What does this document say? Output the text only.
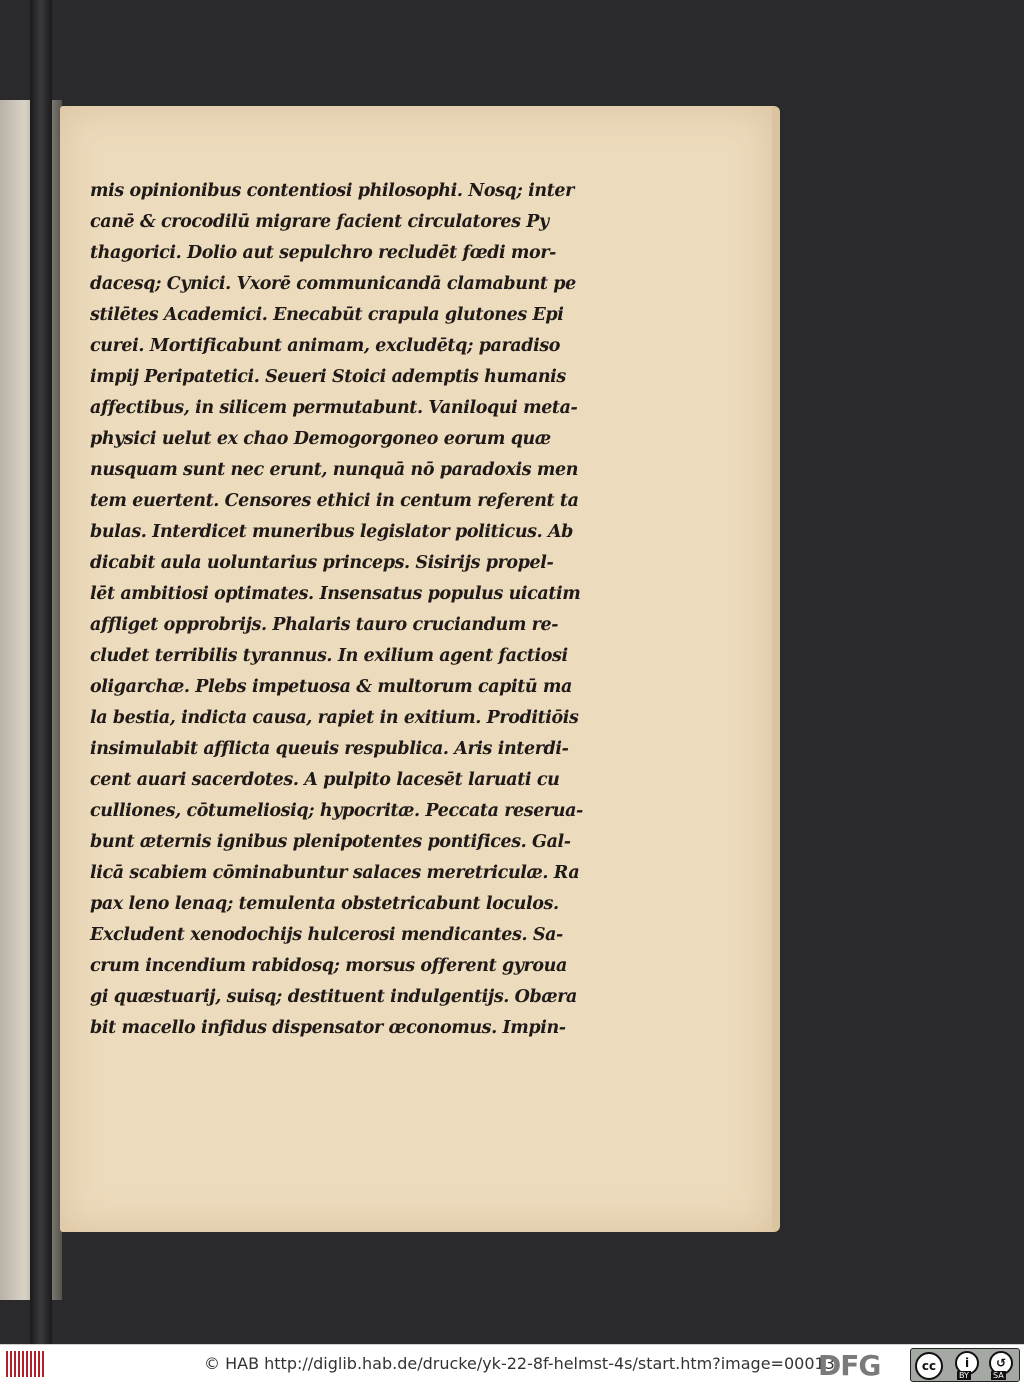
mis opinionibus contentiosi philosophi. Nosq; inter
canē & crocodilū migrare facient circulatores Py
thagorici. Dolio aut sepulchro recludēt fœdi mor-
dacesq; Cynici. Vxorē communicandā clamabunt pe
stilētes Academici. Enecabūt crapula glutones Epi
curei. Mortificabunt animam, excludētq; paradiso
impij Peripatetici. Seueri Stoici ademptis humanis
affectibus, in silicem permutabunt. Vaniloqui meta-
physici uelut ex chao Demogorgoneo eorum quæ
nusquam sunt nec erunt, nunquā nō paradoxis men
tem euertent. Censores ethici in centum referent ta
bulas. Interdicet muneribus legislator politicus. Ab
dicabit aula uoluntarius princeps. Sisirijs propel-
lēt ambitiosi optimates. Insensatus populus uicatim
affliget opprobrijs. Phalaris tauro cruciandum re-
cludet terribilis tyrannus. In exilium agent factiosi
oligarchæ. Plebs impetuosa & multorum capitū ma
la bestia, indicta causa, rapiet in exitium. Proditiōis
insimulabit afflicta queuis respublica. Aris interdi-
cent auari sacerdotes. A pulpito lacesēt laruati cu
culliones, cōtumeliosiq; hypocritæ. Peccata reserua-
bunt æternis ignibus plenipotentes pontifices. Gal-
licā scabiem cōminabuntur salaces meretriculæ. Ra
pax leno lenaq; temulenta obstetricabunt loculos.
Excludent xenodochijs hulcerosi mendicantes. Sa-
crum incendium rabidosq; morsus offerent gyroua
gi quæstuarij, suisq; destituent indulgentijs. Obæra
bit macello infidus dispensator œconomus. Impin-
© HAB http://diglib.hab.de/drucke/yk-22-8f-helmst-4s/start.htm?image=00013
DFG	cc	i	↺
BY	SA
